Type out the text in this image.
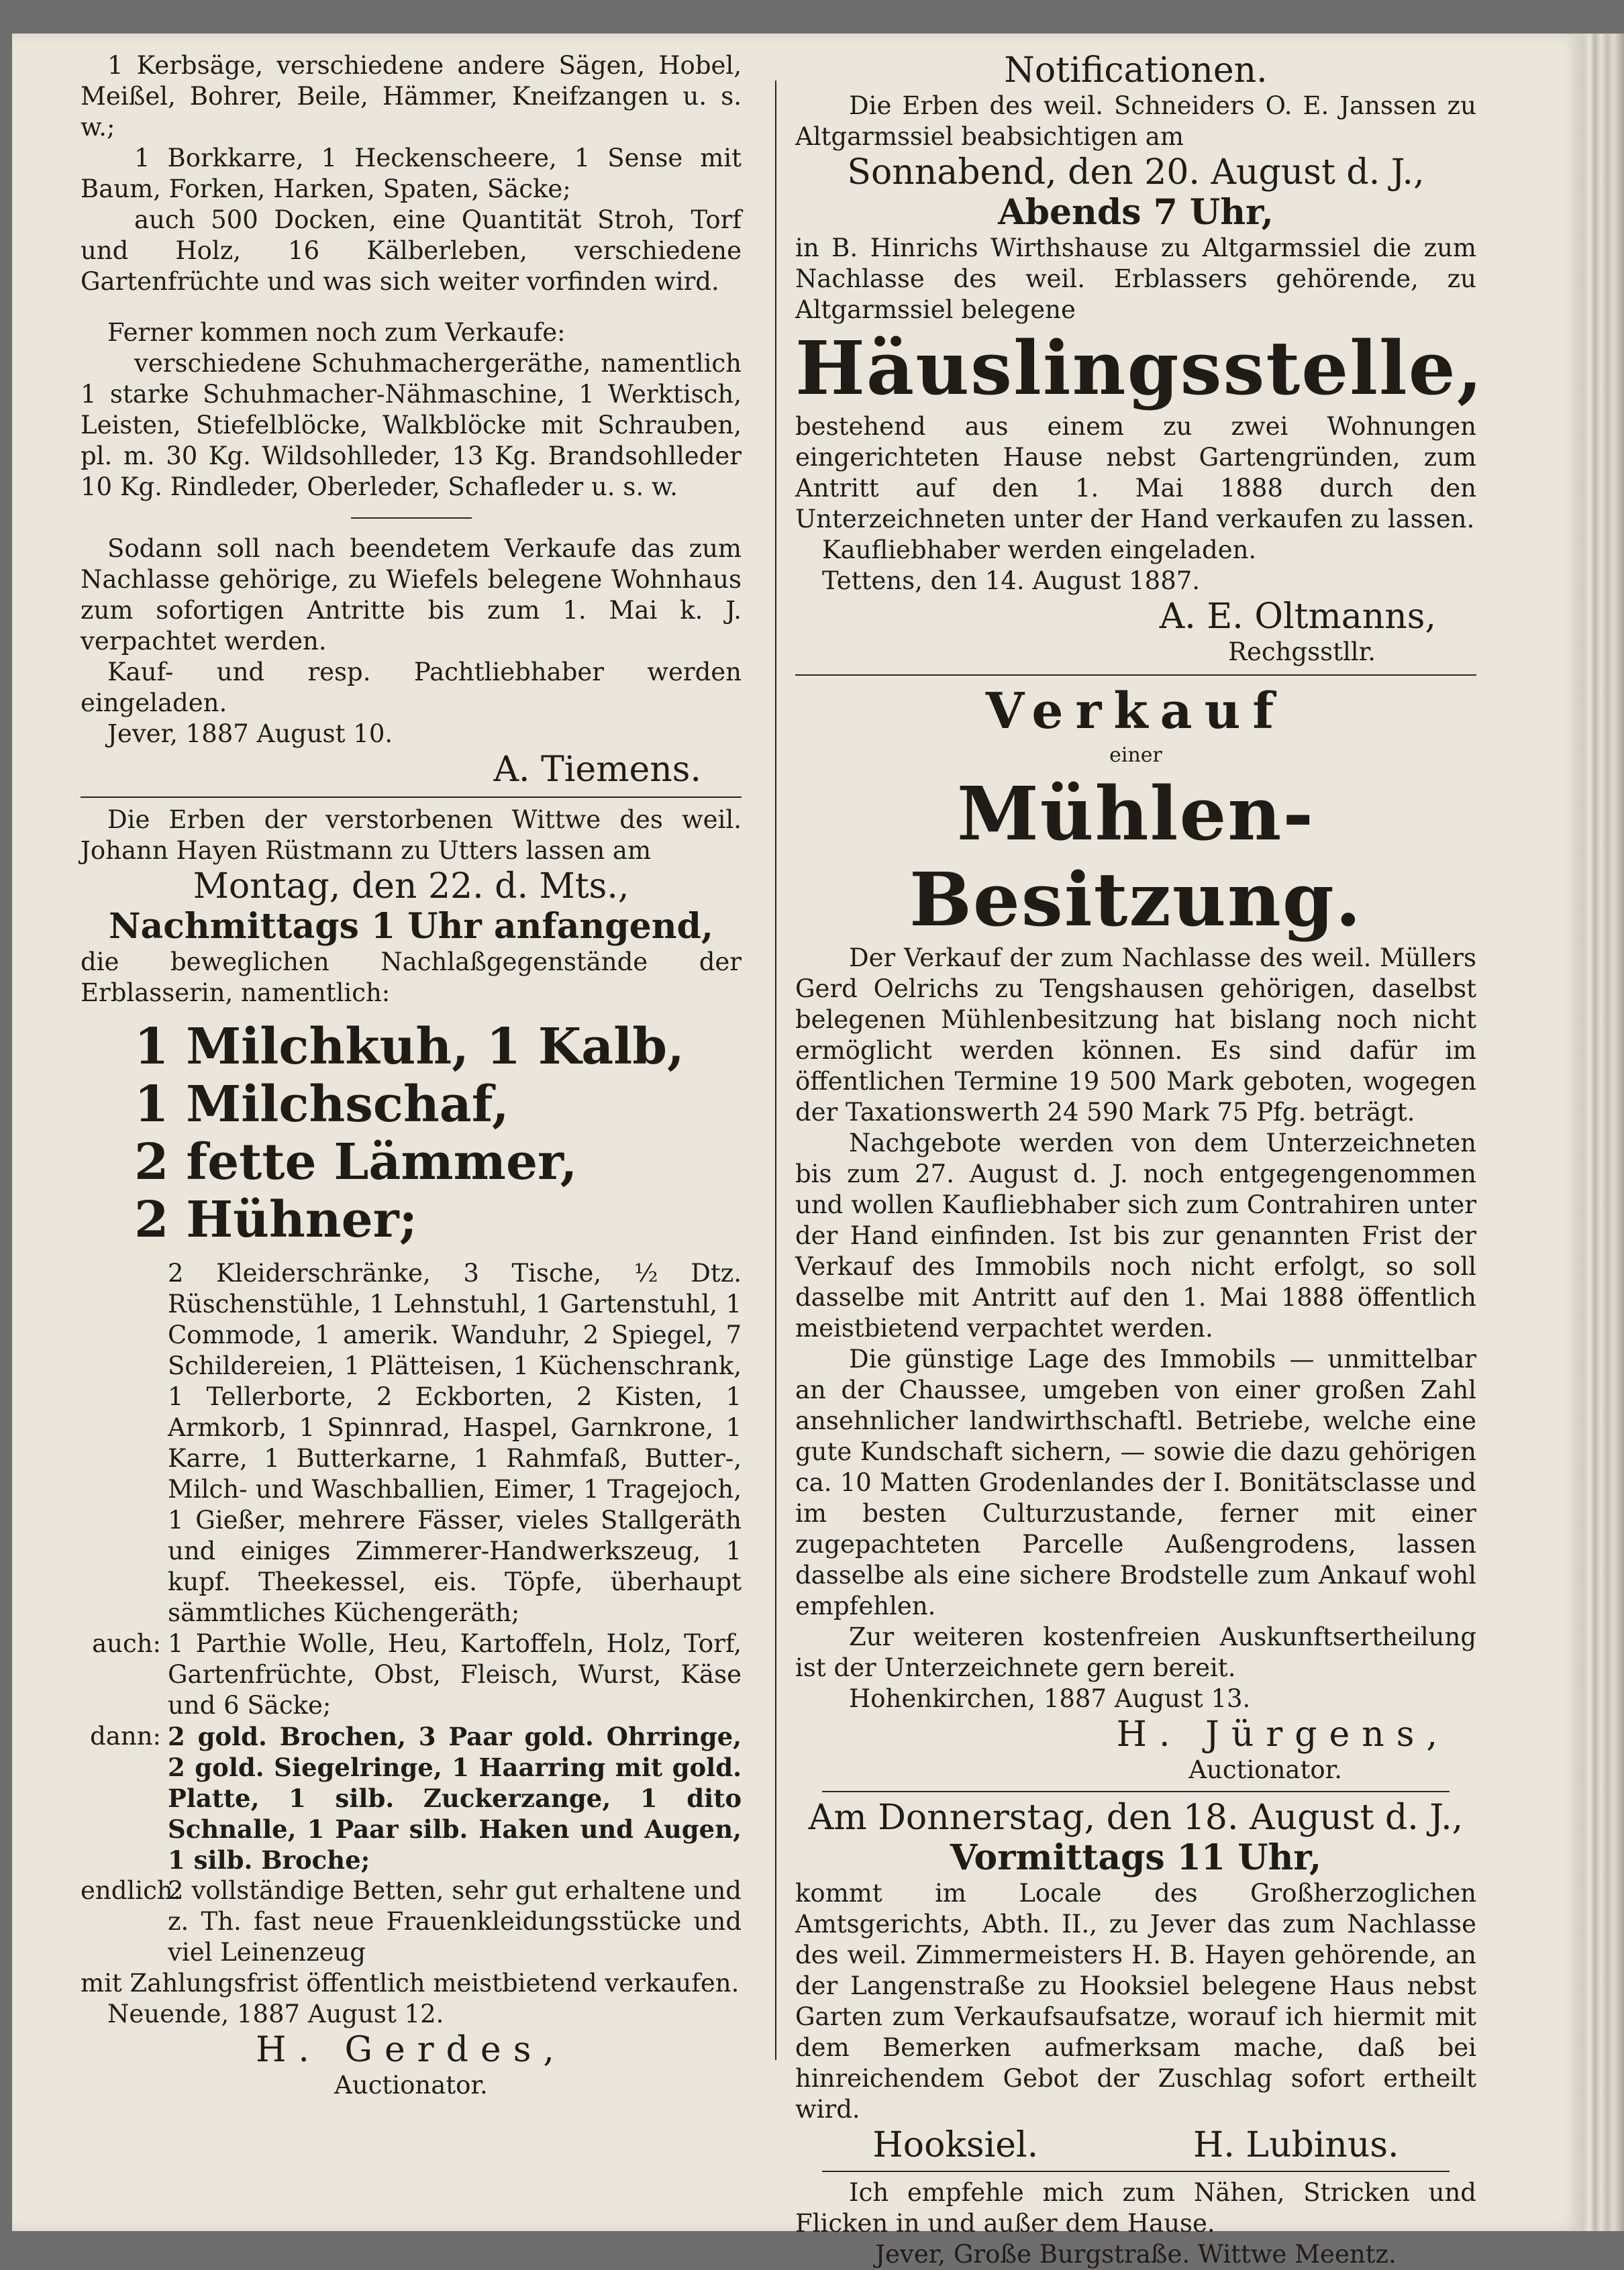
1 Kerbsäge, verschiedene andere Sägen, Hobel, Meißel, Bohrer, Beile, Hämmer, Kneifzangen u. s. w.;

1 Borkkarre, 1 Heckenscheere, 1 Sense mit Baum, Forken, Harken, Spaten, Säcke;

auch 500 Docken, eine Quantität Stroh, Torf und Holz, 16 Kälberleben, verschiedene Gartenfrüchte und was sich weiter vorfinden wird.

Ferner kommen noch zum Verkaufe:

verschiedene Schuhmachergeräthe, namentlich 1 starke Schuhmacher-Nähmaschine, 1 Werktisch, Leisten, Stiefelblöcke, Walkblöcke mit Schrauben, pl. m. 30 Kg. Wildsohlleder, 13 Kg. Brandsohlleder 10 Kg. Rindleder, Oberleder, Schafleder u. s. w.

Sodann soll nach beendetem Verkaufe das zum Nachlasse gehörige, zu Wiefels belegene Wohnhaus zum sofortigen Antritte bis zum 1. Mai k. J. verpachtet werden.

Kauf- und resp. Pachtliebhaber werden eingeladen.

Jever, 1887 August 10.

A. Tiemens.

Die Erben der verstorbenen Wittwe des weil. Johann Hayen Rüstmann zu Utters lassen am

Montag, den 22. d. Mts.,

Nachmittags 1 Uhr anfangend,

die beweglichen Nachlaßgegenstände der Erblasserin, namentlich:

1 Milchkuh, 1 Kalb,
1 Milchschaf,
2 fette Lämmer,
2 Hühner;
2 Kleiderschränke, 3 Tische, ½ Dtz. Rüschenstühle, 1 Lehnstuhl, 1 Gartenstuhl, 1 Commode, 1 amerik. Wanduhr, 2 Spiegel, 7 Schildereien, 1 Plätteisen, 1 Küchenschrank, 1 Tellerborte, 2 Eckborten, 2 Kisten, 1 Armkorb, 1 Spinnrad, Haspel, Garnkrone, 1 Karre, 1 Butterkarne, 1 Rahmfaß, Butter-, Milch- und Waschballien, Eimer, 1 Tragejoch, 1 Gießer, mehrere Fässer, vieles Stallgeräth und einiges Zimmerer-Handwerkszeug, 1 kupf. Theekessel, eis. Töpfe, überhaupt sämmtliches Küchengeräth;
auch: 1 Parthie Wolle, Heu, Kartoffeln, Holz, Torf, Gartenfrüchte, Obst, Fleisch, Wurst, Käse und 6 Säcke;
dann: 2 gold. Brochen, 3 Paar gold. Ohrringe, 2 gold. Siegelringe, 1 Haarring mit gold. Platte, 1 silb. Zuckerzange, 1 dito Schnalle, 1 Paar silb. Haken und Augen, 1 silb. Broche;
endlich:
2 vollständige Betten, sehr gut erhaltene und z. Th. fast neue Frauenkleidungsstücke und viel Leinenzeug

mit Zahlungsfrist öffentlich meistbietend verkaufen.

Neuende, 1887 August 12.

H. Gerdes,

Auctionator.

Notificationen.

Die Erben des weil. Schneiders O. E. Janssen zu Altgarmssiel beabsichtigen am

Sonnabend, den 20. August d. J.,

Abends 7 Uhr,

in B. Hinrichs Wirthshause zu Altgarmssiel die zum Nachlasse des weil. Erblassers gehörende, zu Altgarmssiel belegene

Häuslingsstelle,

bestehend aus einem zu zwei Wohnungen eingerichteten Hause nebst Gartengründen, zum Antritt auf den 1. Mai 1888 durch den Unterzeichneten unter der Hand verkaufen zu lassen.

Kaufliebhaber werden eingeladen.

Tettens, den 14. August 1887.

A. E. Oltmanns,

Rechgsstllr.

Verkauf

einer

Mühlen-Besitzung.

Der Verkauf der zum Nachlasse des weil. Müllers Gerd Oelrichs zu Tengshausen gehörigen, daselbst belegenen Mühlenbesitzung hat bislang noch nicht ermöglicht werden können. Es sind dafür im öffentlichen Termine 19 500 Mark geboten, wogegen der Taxationswerth 24 590 Mark 75 Pfg. beträgt.

Nachgebote werden von dem Unterzeichneten bis zum 27. August d. J. noch entgegengenommen und wollen Kaufliebhaber sich zum Contrahiren unter der Hand einfinden. Ist bis zur genannten Frist der Verkauf des Immobils noch nicht erfolgt, so soll dasselbe mit Antritt auf den 1. Mai 1888 öffentlich meistbietend verpachtet werden.

Die günstige Lage des Immobils — unmittelbar an der Chaussee, umgeben von einer großen Zahl ansehnlicher landwirthschaftl. Betriebe, welche eine gute Kundschaft sichern, — sowie die dazu gehörigen ca. 10 Matten Grodenlandes der I. Bonitätsclasse und im besten Culturzustande, ferner mit einer zugepachteten Parcelle Außengrodens, lassen dasselbe als eine sichere Brodstelle zum Ankauf wohl empfehlen.

Zur weiteren kostenfreien Auskunftsertheilung ist der Unterzeichnete gern bereit.

Hohenkirchen, 1887 August 13.

H. Jürgens,

Auctionator.

Am Donnerstag, den 18. August d. J.,

Vormittags 11 Uhr,

kommt im Locale des Großherzoglichen Amtsgerichts, Abth. II., zu Jever das zum Nachlasse des weil. Zimmermeisters H. B. Hayen gehörende, an der Langenstraße zu Hooksiel belegene Haus nebst Garten zum Verkaufsaufsatze, worauf ich hiermit mit dem Bemerken aufmerksam mache, daß bei hinreichendem Gebot der Zuschlag sofort ertheilt wird.

Hooksiel.	H. Lubinus.

Ich empfehle mich zum Nähen, Stricken und Flicken in und außer dem Hause.

Jever, Große Burgstraße. Wittwe Meentz.
